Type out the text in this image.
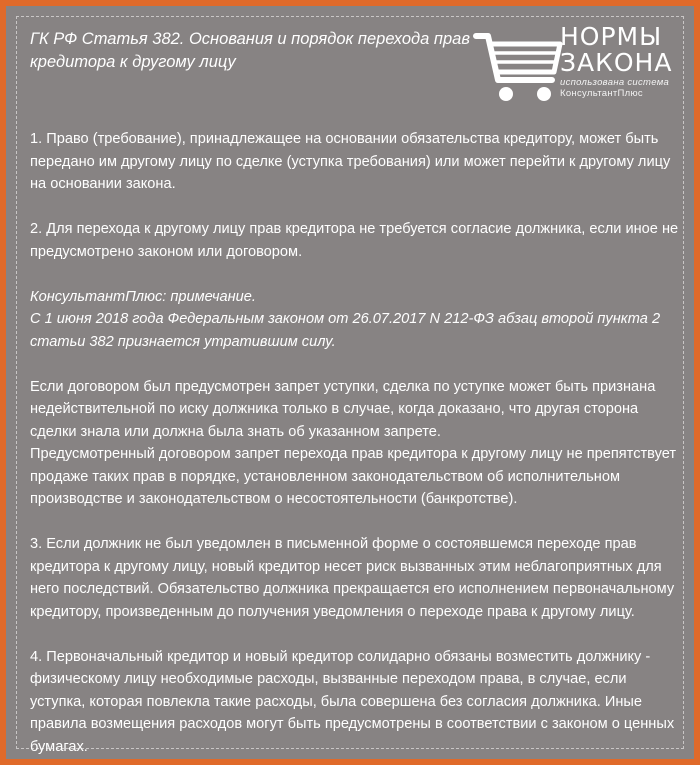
ГК РФ Статья 382. Основания и порядок перехода прав кредитора к другому лицу
НОРМЫ
ЗАКОНА
использована система
КонсультантПлюс

1. Право (требование), принадлежащее на основании обязательства кредитору, может быть передано им другому лицу по сделке (уступка требования) или может перейти к другому лицу на основании закона.

2. Для перехода к другому лицу прав кредитора не требуется согласие должника, если иное не предусмотрено законом или договором.

КонсультантПлюс: примечание.

С 1 июня 2018 года Федеральным законом от 26.07.2017 N 212-ФЗ абзац второй пункта 2 статьи 382 признается утратившим силу.

Если договором был предусмотрен запрет уступки, сделка по уступке может быть признана недействительной по иску должника только в случае, когда доказано, что другая сторона сделки знала или должна была знать об указанном запрете.

Предусмотренный договором запрет перехода прав кредитора к другому лицу не препятствует продаже таких прав в порядке, установленном законодательством об исполнительном производстве и законодательством о несостоятельности (банкротстве).

3. Если должник не был уведомлен в письменной форме о состоявшемся переходе прав кредитора к другому лицу, новый кредитор несет риск вызванных этим неблагоприятных для него последствий. Обязательство должника прекращается его исполнением первоначальному кредитору, произведенным до получения уведомления о переходе права к другому лицу.

4. Первоначальный кредитор и новый кредитор солидарно обязаны возместить должнику - физическому лицу необходимые расходы, вызванные переходом права, в случае, если уступка, которая повлекла такие расходы, была совершена без согласия должника. Иные правила возмещения расходов могут быть предусмотрены в соответствии с законом о ценных бумагах.
